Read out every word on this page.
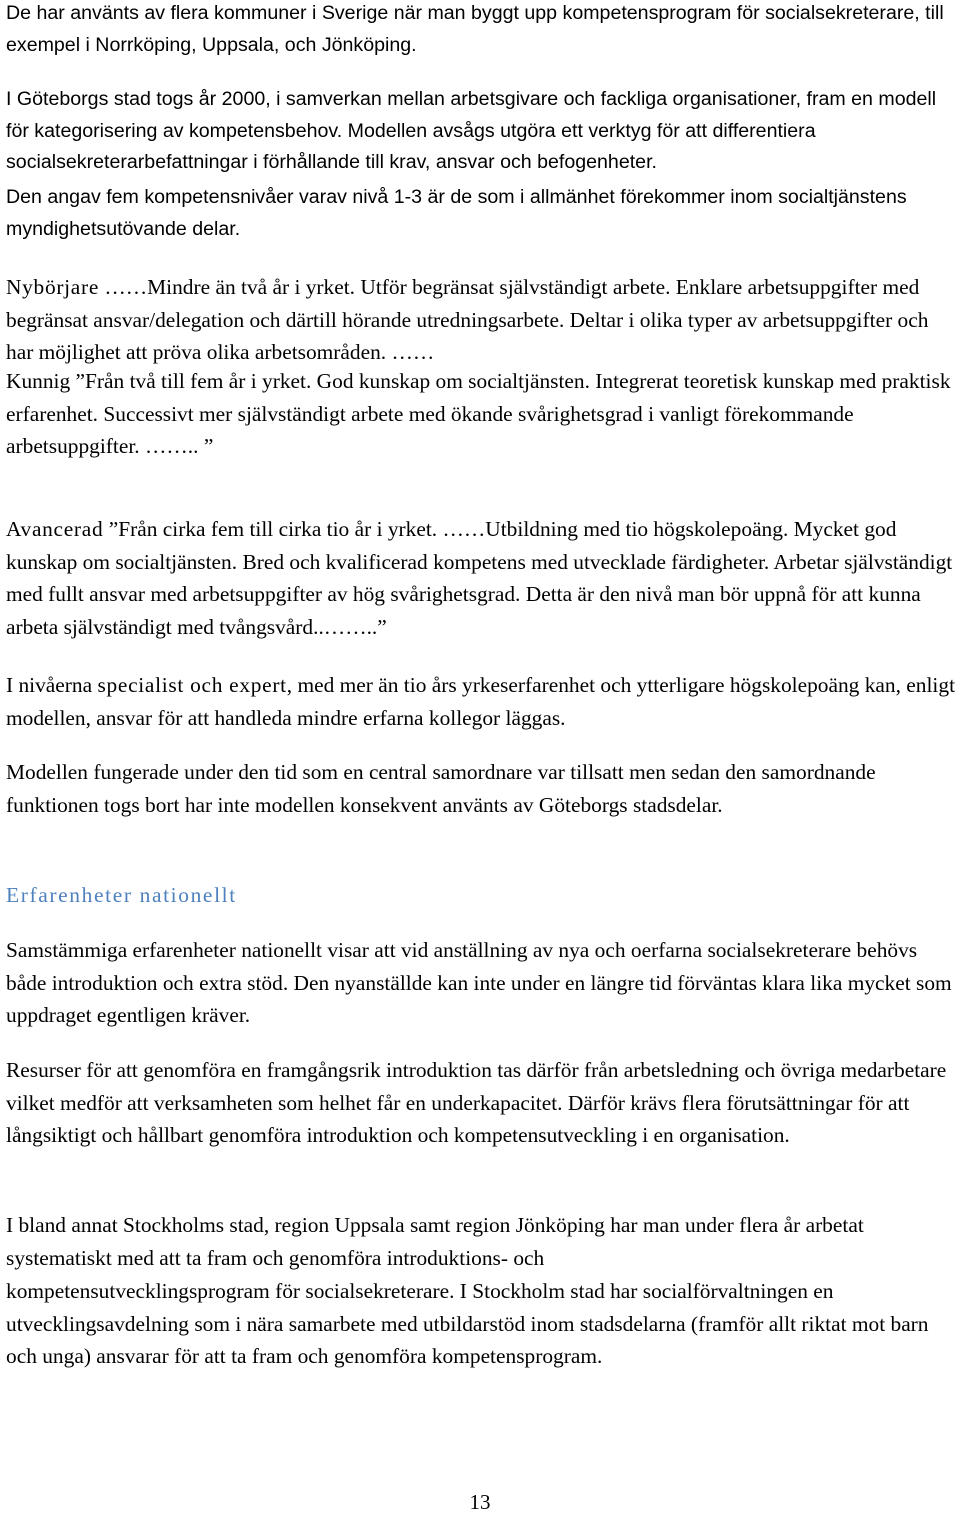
De har använts av flera kommuner i Sverige när man byggt upp kompetensprogram för socialsekreterare, till exempel i Norrköping, Uppsala, och Jönköping.

I Göteborgs stad togs år 2000, i samverkan mellan arbetsgivare och fackliga organisationer, fram en modell för kategorisering av kompetensbehov. Modellen avsågs utgöra ett verktyg för att differentiera socialsekreterarbefattningar i förhållande till krav, ansvar och befogenheter.

Den angav fem kompetensnivåer varav nivå 1-3 är de som i allmänhet förekommer inom socialtjänstens myndighetsutövande delar.

Nybörjare ……Mindre än två år i yrket. Utför begränsat självständigt arbete. Enklare arbetsuppgifter med begränsat ansvar/delegation och därtill hörande utredningsarbete. Deltar i olika typer av arbetsuppgifter och har möjlighet att pröva olika arbetsområden. ……

Kunnig ”Från två till fem år i yrket. God kunskap om socialtjänsten. Integrerat teoretisk kunskap med praktisk erfarenhet. Successivt mer självständigt arbete med ökande svårighetsgrad i vanligt förekommande arbetsuppgifter. …….. ”

Avancerad ”Från cirka fem till cirka tio år i yrket. ……Utbildning med tio högskolepoäng. Mycket god kunskap om socialtjänsten. Bred och kvalificerad kompetens med utvecklade färdigheter. Arbetar självständigt med fullt ansvar med arbetsuppgifter av hög svårighetsgrad. Detta är den nivå man bör uppnå för att kunna arbeta självständigt med tvångsvård..……..”

I nivåerna specialist och expert, med mer än tio års yrkeserfarenhet och ytterligare högskolepoäng kan, enligt modellen, ansvar för att handleda mindre erfarna kollegor läggas.

Modellen fungerade under den tid som en central samordnare var tillsatt men sedan den samordnande funktionen togs bort har inte modellen konsekvent använts av Göteborgs stadsdelar.

Erfarenheter nationellt

Samstämmiga erfarenheter nationellt visar att vid anställning av nya och oerfarna socialsekreterare behövs både introduktion och extra stöd. Den nyanställde kan inte under en längre tid förväntas klara lika mycket som uppdraget egentligen kräver.

Resurser för att genomföra en framgångsrik introduktion tas därför från arbetsledning och övriga medarbetare vilket medför att verksamheten som helhet får en underkapacitet. Därför krävs flera förutsättningar för att långsiktigt och hållbart genomföra introduktion och kompetensutveckling i en organisation.

I bland annat Stockholms stad, region Uppsala samt region Jönköping har man under flera år arbetat systematiskt med att ta fram och genomföra introduktions- och

kompetensutvecklingsprogram för socialsekreterare. I Stockholm stad har socialförvaltningen en utvecklingsavdelning som i nära samarbete med utbildarstöd inom stadsdelarna (framför allt riktat mot barn och unga) ansvarar för att ta fram och genomföra kompetensprogram.

13
